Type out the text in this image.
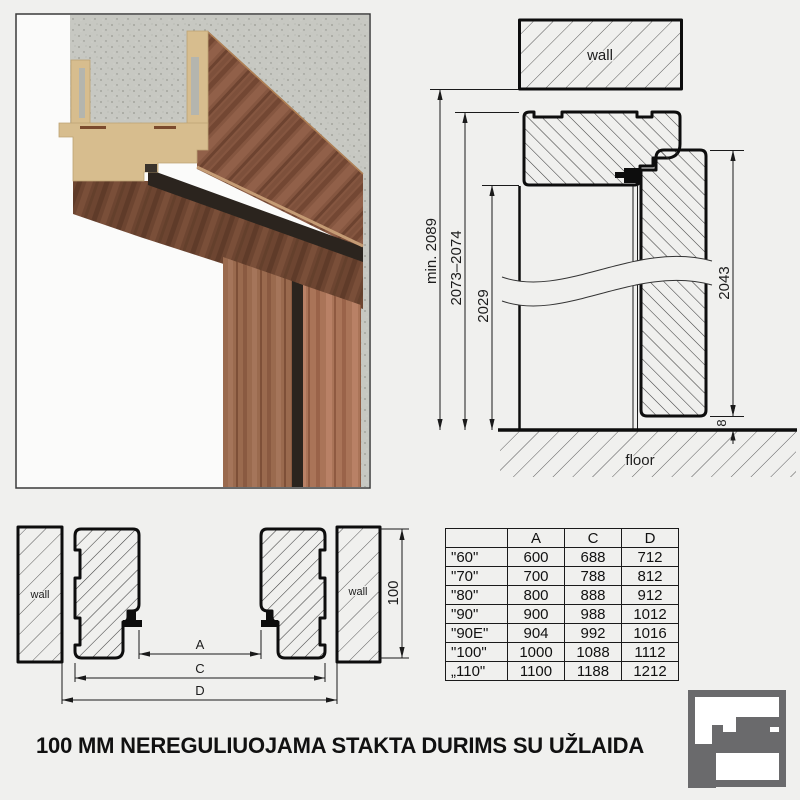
wall
floor
min. 2089 2073–2074
2029
2043
8
wall	wall
A
C
D
100
	A	C	D
"60"	600	688	712
"70"	700	788	812
"80"	800	888	912
"90"	900	988	1012
"90E"	904	992	1016
"100"	1000	1088	1112
„110"	1100	1188	1212
100 MM NEREGULIUOJAMA STAKTA DURIMS SU UŽLAIDA
